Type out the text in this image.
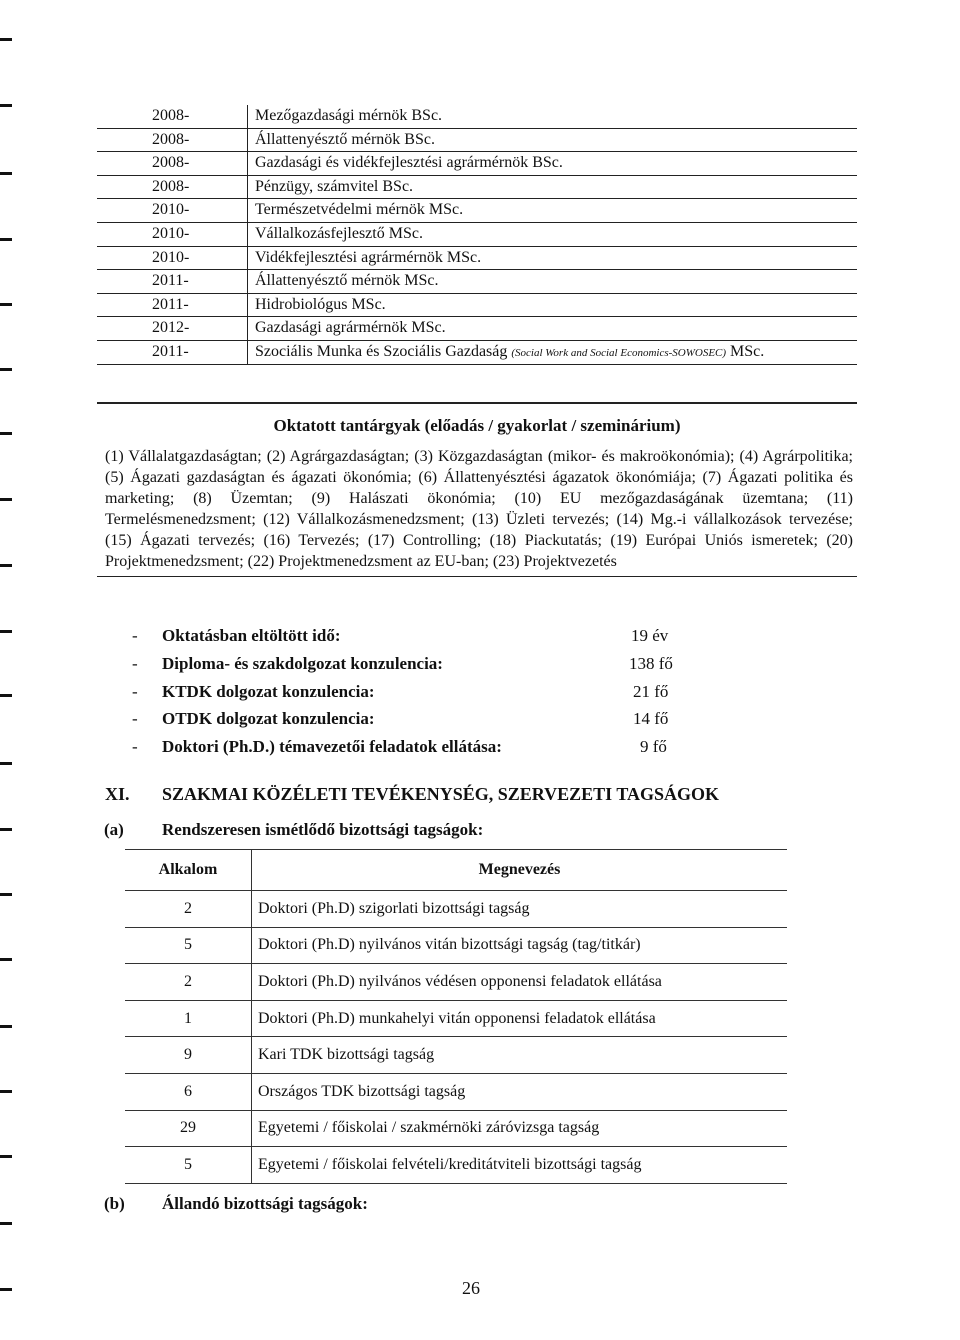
2008-	Mezőgazdasági mérnök BSc.
2008-	Állattenyésztő mérnök BSc.
2008-	Gazdasági és vidékfejlesztési agrármérnök BSc.
2008-	Pénzügy, számvitel BSc.
2010-	Természetvédelmi mérnök MSc.
2010-	Vállalkozásfejlesztő MSc.
2010-	Vidékfejlesztési agrármérnök MSc.
2011-	Állattenyésztő mérnök MSc.
2011-	Hidrobiológus MSc.
2012-	Gazdasági agrármérnök MSc.
2011-	Szociális Munka és Szociális Gazdaság (Social Work and Social Economics-SOWOSEC) MSc.
Oktatott tantárgyak (előadás / gyakorlat / szeminárium)
(1) Vállalatgazdaságtan; (2) Agrárgazdaságtan; (3) Közgazdaságtan (mikor- és makroökonómia); (4) Agrárpolitika; (5) Ágazati gazdaságtan és ágazati ökonómia; (6) Állattenyésztési ágazatok ökonómiája; (7) Ágazati politika és marketing; (8) Üzemtan; (9) Halászati ökonómia; (10) EU mezőgazdaságának üzemtana; (11) Termelésmenedzsment; (12) Vállalkozásmenedzsment; (13) Üzleti tervezés; (14) Mg.-i vállalkozások tervezése; (15) Ágazati tervezés; (16) Tervezés; (17) Controlling; (18) Piackutatás; (19) Európai Uniós ismeretek; (20) Projektmenedzsment; (22) Projektmenedzsment az EU-ban; (23) Projektvezetés
- Oktatásban eltöltött idő:	19 év
- Diploma- és szakdolgozat konzulencia:	138 fő
- KTDK dolgozat konzulencia:	21 fő
- OTDK dolgozat konzulencia:	14 fő
- Doktori (Ph.D.) témavezetői feladatok ellátása:	9 fő
XI. SZAKMAI KÖZÉLETI TEVÉKENYSÉG, SZERVEZETI TAGSÁGOK
(a) Rendszeresen ismétlődő bizottsági tagságok:
Alkalom	Megnevezés
2	Doktori (Ph.D) szigorlati bizottsági tagság
5	Doktori (Ph.D) nyilvános vitán bizottsági tagság (tag/titkár)
2	Doktori (Ph.D) nyilvános védésen opponensi feladatok ellátása
1	Doktori (Ph.D) munkahelyi vitán opponensi feladatok ellátása
9	Kari TDK bizottsági tagság
6	Országos TDK bizottsági tagság
29	Egyetemi / főiskolai / szakmérnöki záróvizsga tagság
5	Egyetemi / főiskolai felvételi/kreditátviteli bizottsági tagság
(b) Állandó bizottsági tagságok:
26
